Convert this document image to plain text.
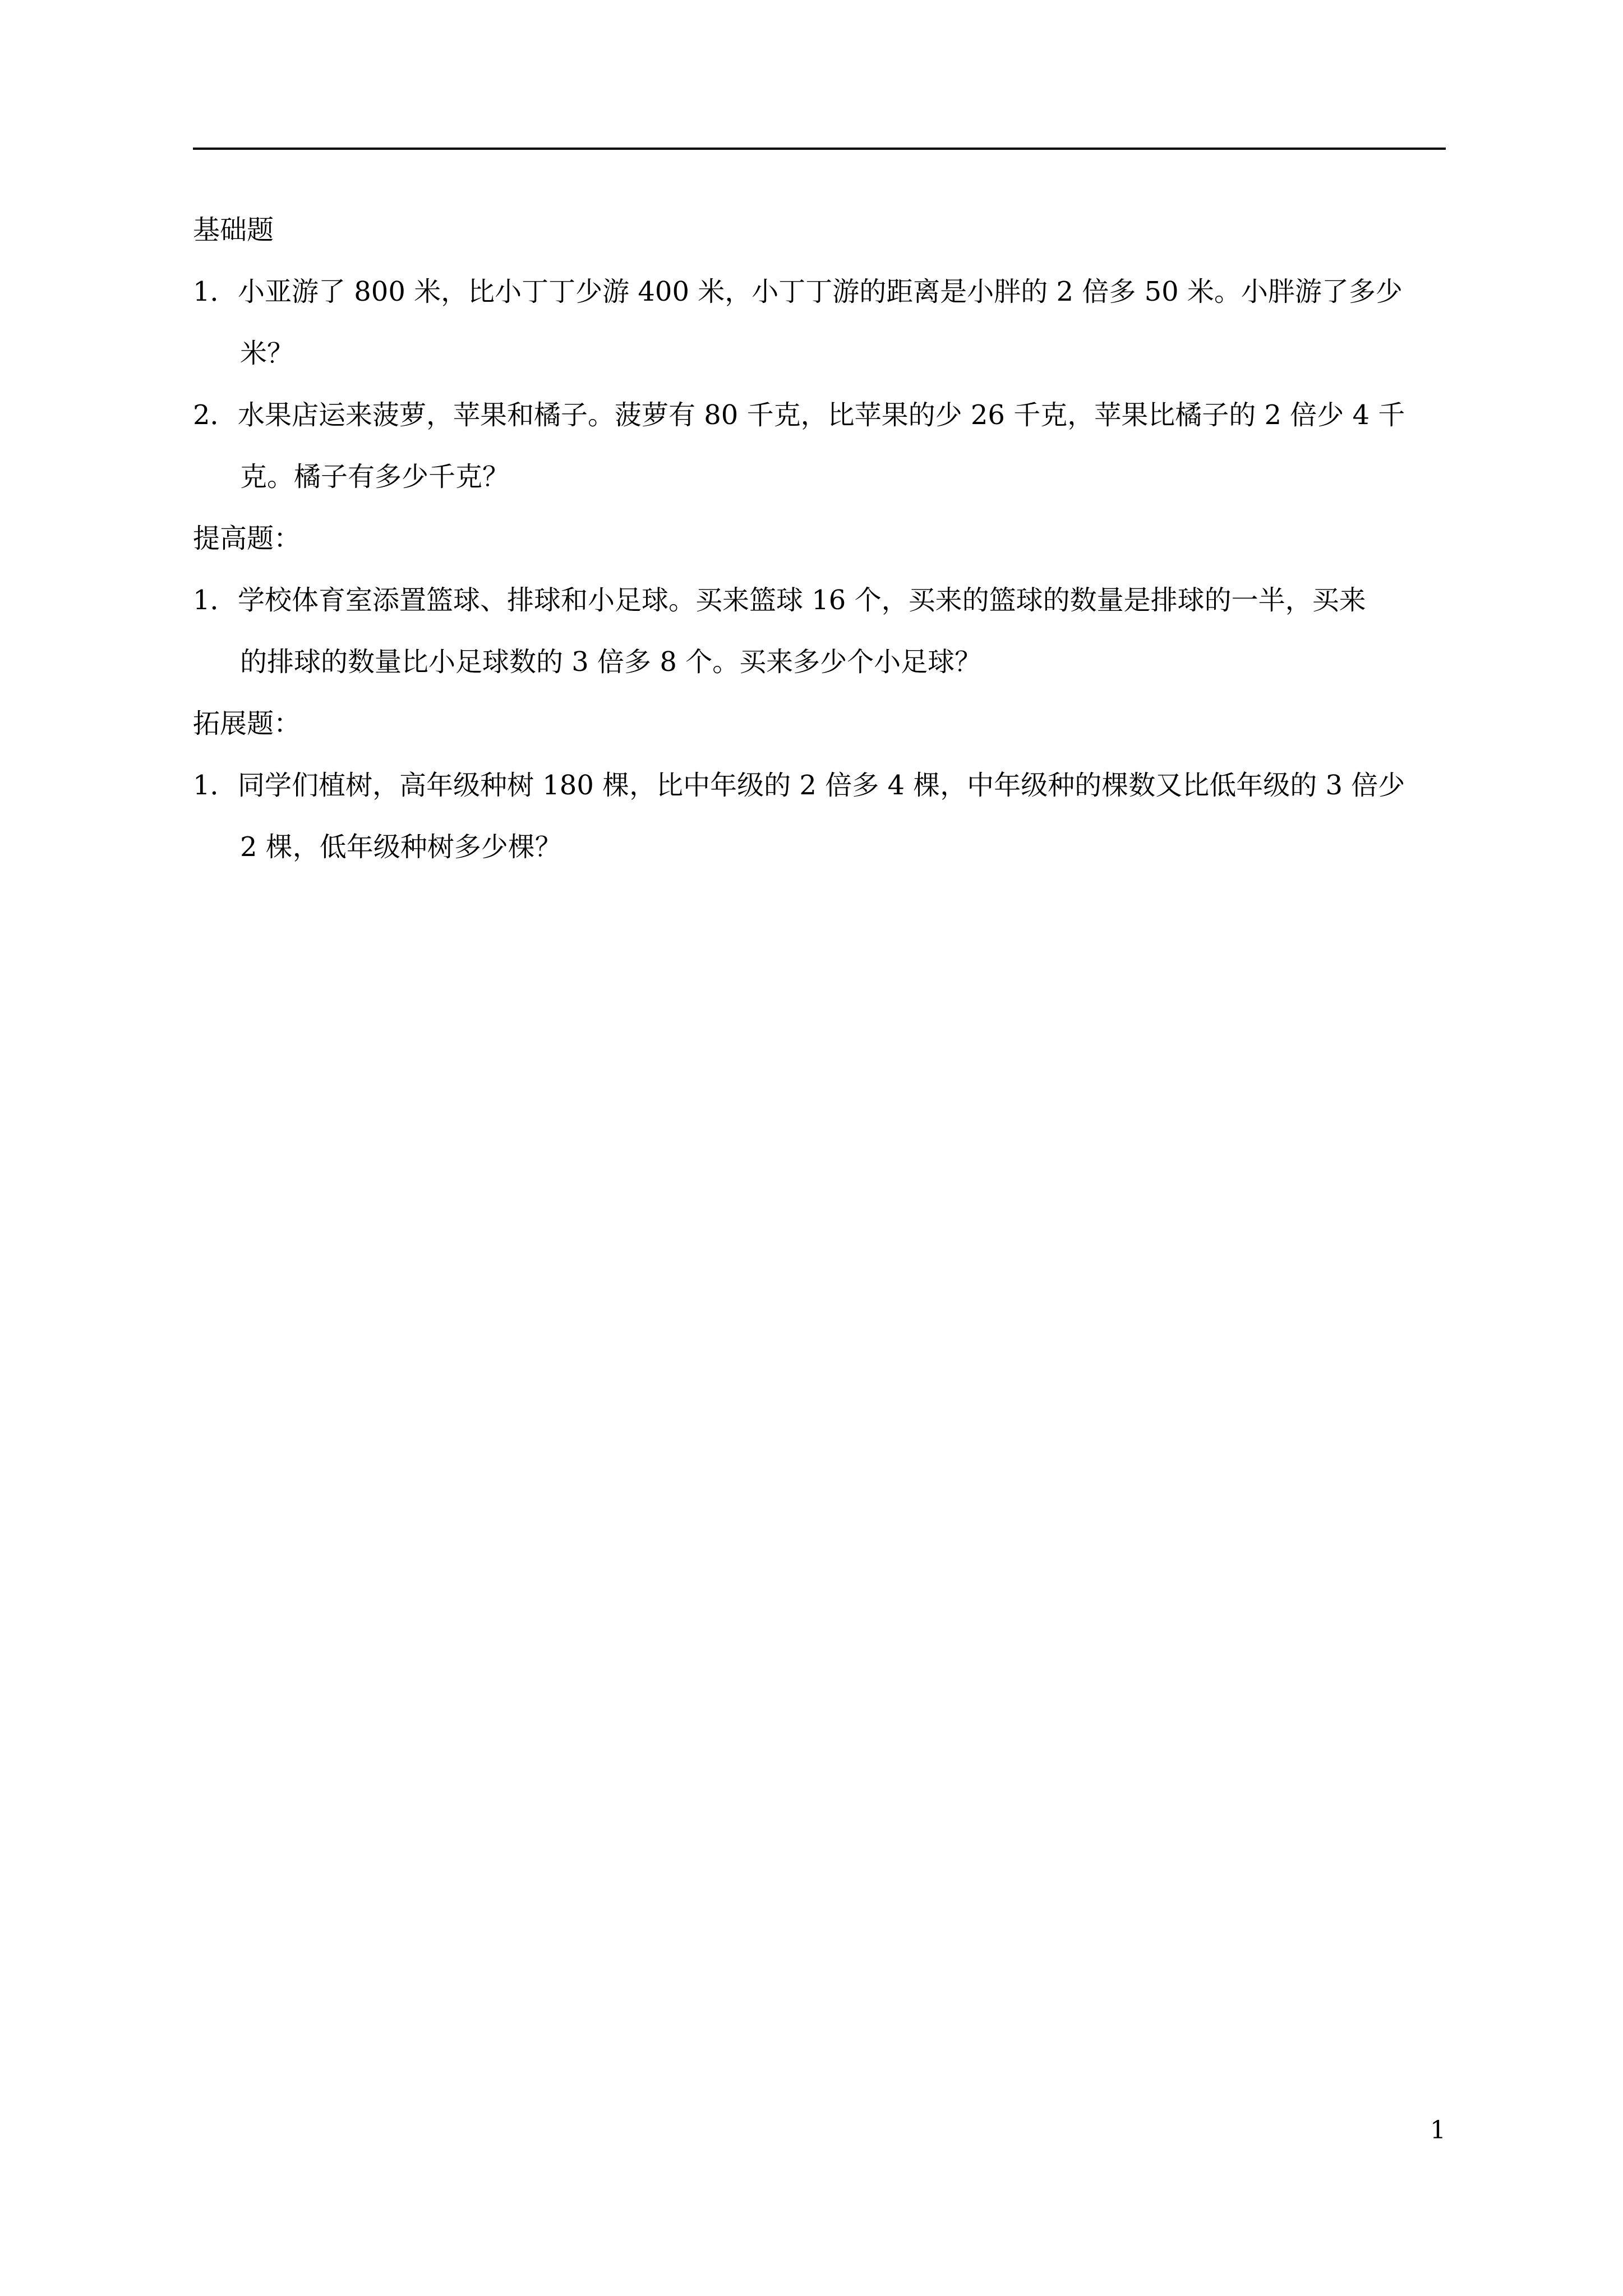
基础题
1． 小亚游了 800 米，比小丁丁少游 400 米，小丁丁游的距离是小胖的 2 倍多 50 米。小胖游了多少
米？
2． 水果店运来菠萝，苹果和橘子。菠萝有 80 千克，比苹果的少 26 千克，苹果比橘子的 2 倍少 4 千
克。橘子有多少千克？
提高题：
1． 学校体育室添置篮球、排球和小足球。买来篮球 16 个，买来的篮球的数量是排球的一半，买来
的排球的数量比小足球数的 3 倍多 8 个。买来多少个小足球？
拓展题：
1． 同学们植树，高年级种树 180 棵，比中年级的 2 倍多 4 棵，中年级种的棵数又比低年级的 3 倍少
2 棵，低年级种树多少棵？
1
